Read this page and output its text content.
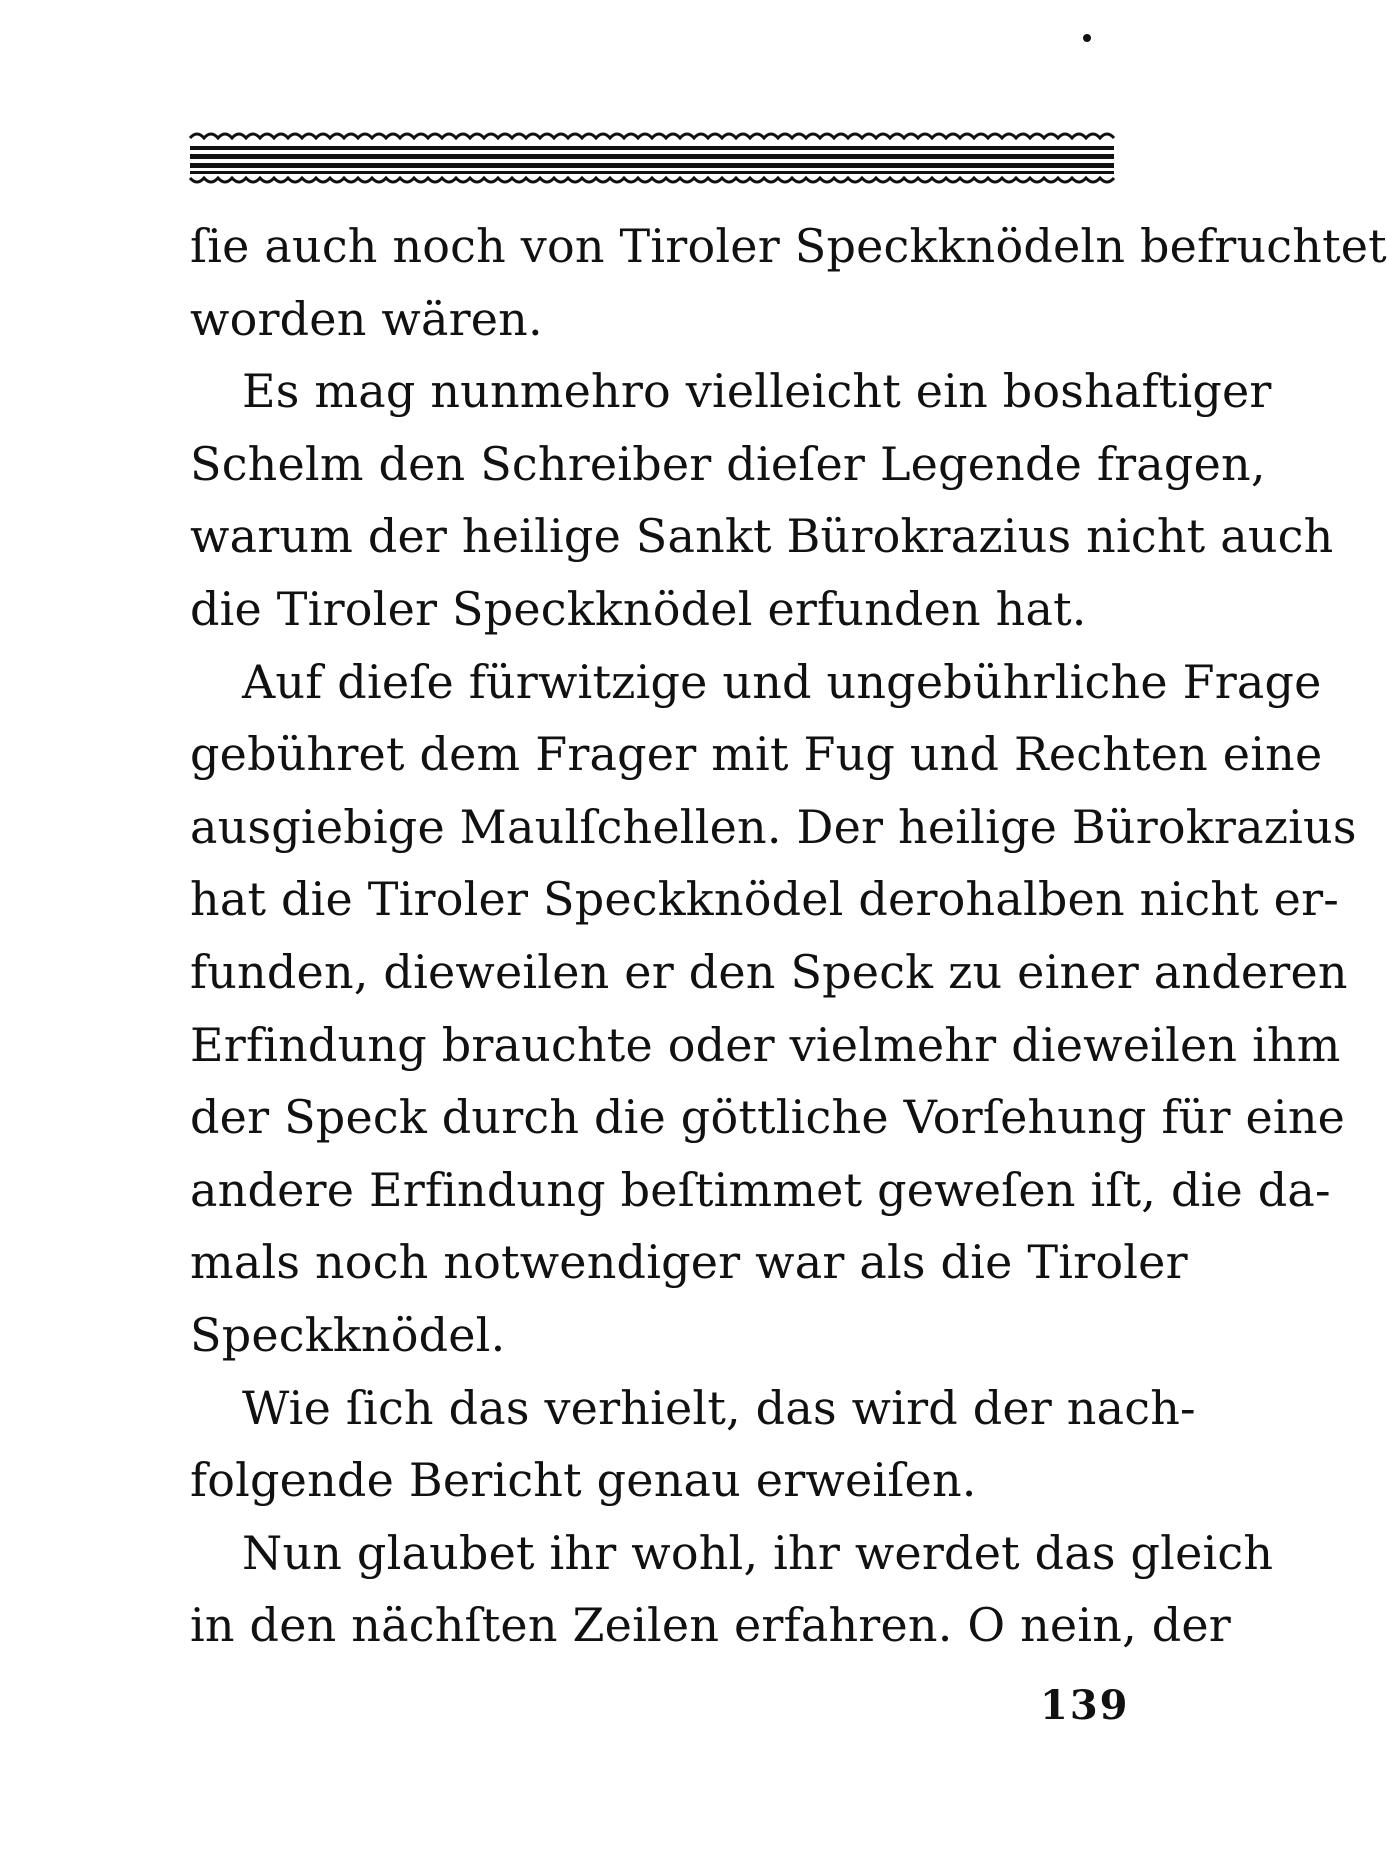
ſie auch noch von Tiroler Speckknödeln befruchtet
worden wären.
Es mag nunmehro vielleicht ein boshaftiger
Schelm den Schreiber dieſer Legende fragen,
warum der heilige Sankt Bürokrazius nicht auch
die Tiroler Speckknödel erfunden hat.
Auf dieſe fürwitzige und ungebührliche Frage
gebühret dem Frager mit Fug und Rechten eine
ausgiebige Maulſchellen. Der heilige Bürokrazius
hat die Tiroler Speckknödel derohalben nicht er-
funden, dieweilen er den Speck zu einer anderen
Erfindung brauchte oder vielmehr dieweilen ihm
der Speck durch die göttliche Vorſehung für eine
andere Erfindung beſtimmet geweſen iſt, die da-
mals noch notwendiger war als die Tiroler
Speckknödel.
Wie ſich das verhielt, das wird der nach-
folgende Bericht genau erweiſen.
Nun glaubet ihr wohl, ihr werdet das gleich
in den nächſten Zeilen erfahren. O nein, der
139
